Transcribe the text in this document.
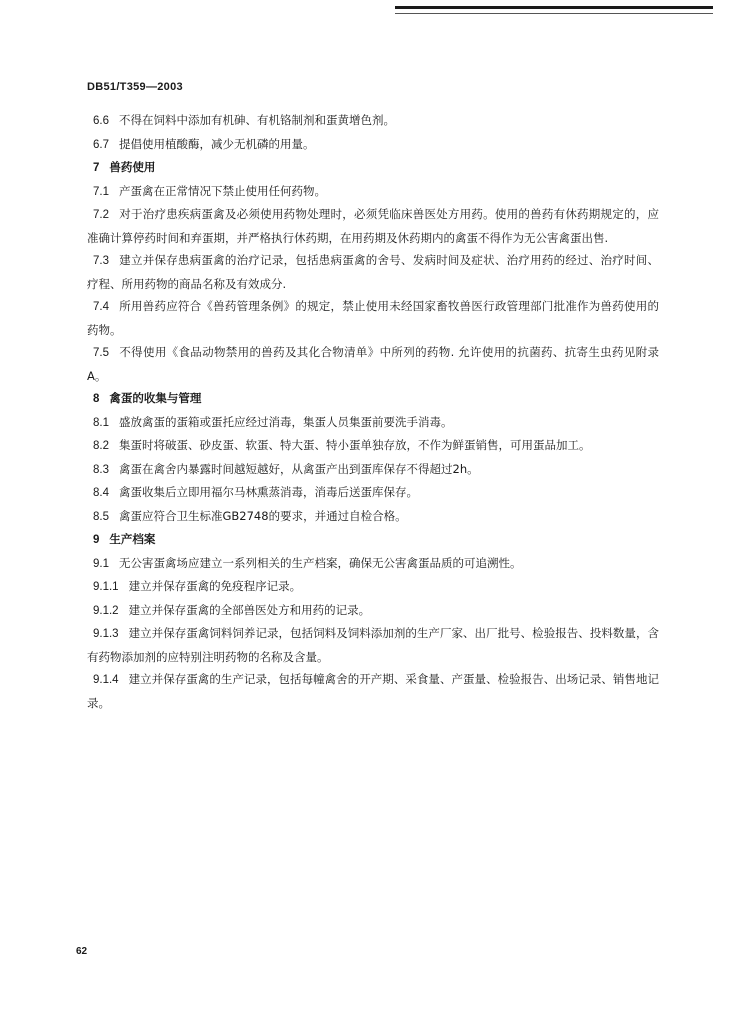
DB51/T359—2003

6.6 不得在饲料中添加有机砷、有机铬制剂和蛋黄增色剂。

6.7 提倡使用植酸酶，减少无机磷的用量。

7 兽药使用

7.1 产蛋禽在正常情况下禁止使用任何药物。

7.2 对于治疗患疾病蛋禽及必须使用药物处理时，必须凭临床兽医处方用药。使用的兽药有休药期规定的，应准确计算停药时间和弃蛋期，并严格执行休药期，在用药期及休药期内的禽蛋不得作为无公害禽蛋出售.

7.3 建立并保存患病蛋禽的治疗记录，包括患病蛋禽的舍号、发病时间及症状、治疗用药的经过、治疗时间、疗程、所用药物的商品名称及有效成分.

7.4 所用兽药应符合《兽药管理条例》的规定，禁止使用未经国家畜牧兽医行政管理部门批准作为兽药使用的药物。

7.5 不得使用《食品动物禁用的兽药及其化合物清单》中所列的药物. 允许使用的抗菌药、抗寄生虫药见附录A。

8 禽蛋的收集与管理

8.1 盛放禽蛋的蛋箱或蛋托应经过消毒，集蛋人员集蛋前要洗手消毒。

8.2 集蛋时将破蛋、砂皮蛋、软蛋、特大蛋、特小蛋单独存放，不作为鲜蛋销售，可用蛋品加工。

8.3 禽蛋在禽舍内暴露时间越短越好，从禽蛋产出到蛋库保存不得超过2h。

8.4 禽蛋收集后立即用福尔马林熏蒸消毒，消毒后送蛋库保存。

8.5 禽蛋应符合卫生标准GB2748的要求，并通过自检合格。

9 生产档案

9.1 无公害蛋禽场应建立一系列相关的生产档案，确保无公害禽蛋品质的可追溯性。

9.1.1 建立并保存蛋禽的免疫程序记录。

9.1.2 建立并保存蛋禽的全部兽医处方和用药的记录。

9.1.3 建立并保存蛋禽饲料饲养记录，包括饲料及饲料添加剂的生产厂家、出厂批号、检验报告、投料数量，含有药物添加剂的应特别注明药物的名称及含量。

9.1.4 建立并保存蛋禽的生产记录，包括每幢禽舍的开产期、采食量、产蛋量、检验报告、出场记录、销售地记录。

62
